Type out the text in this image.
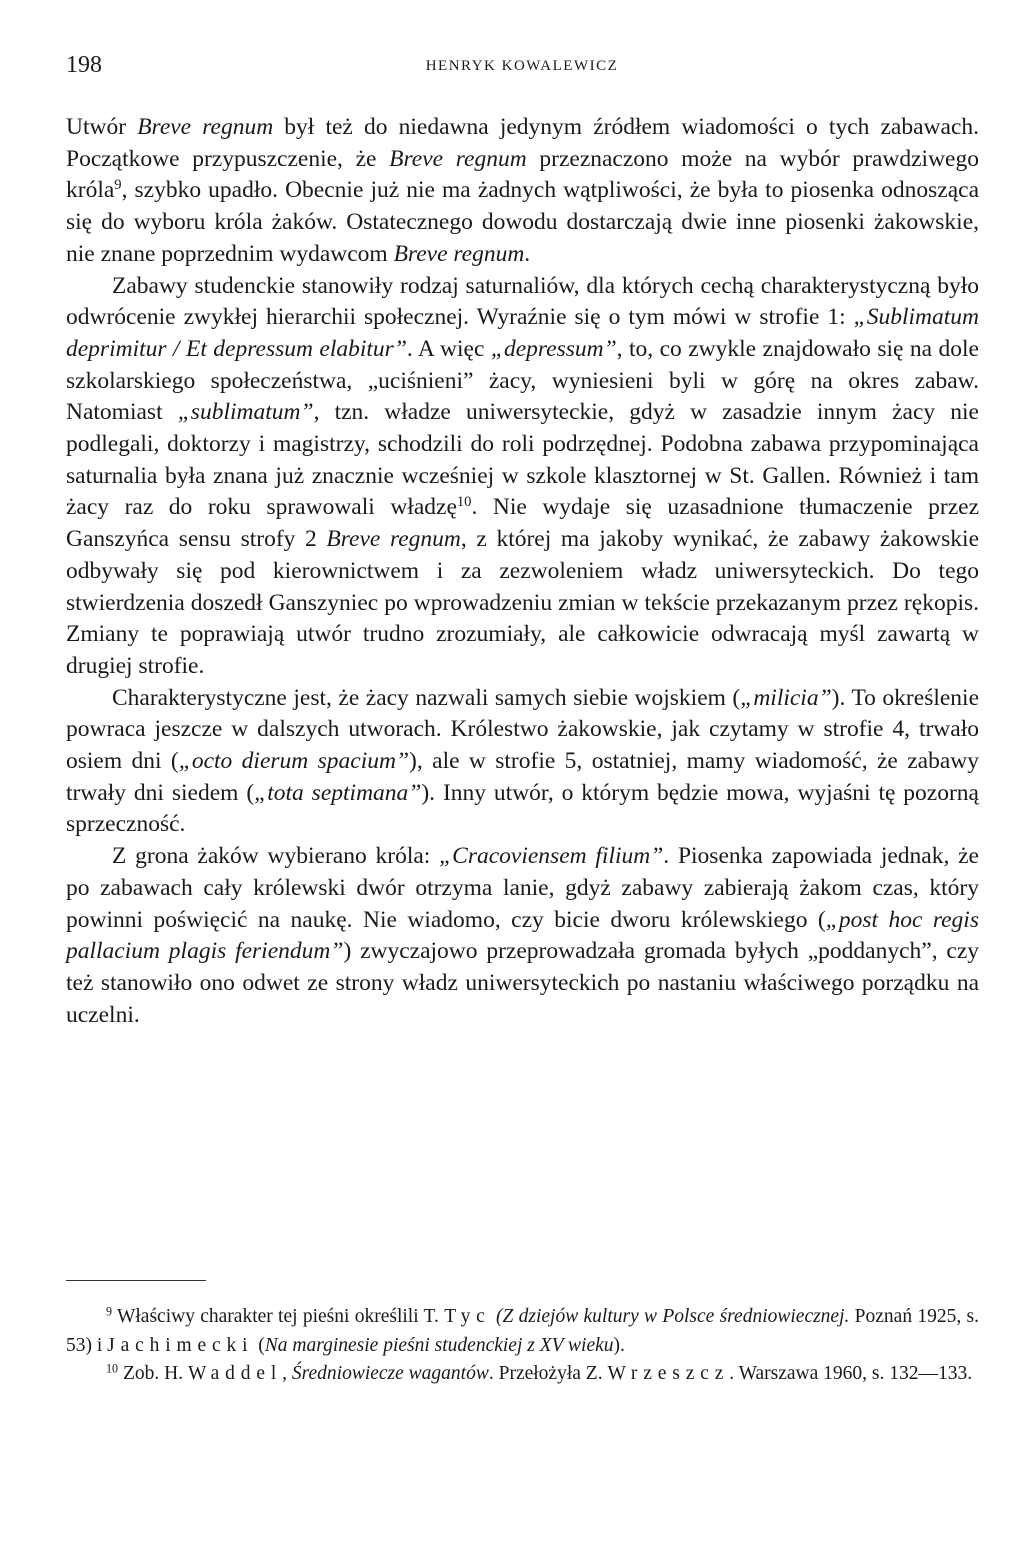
198	HENRYK KOWALEWICZ

Utwór Breve regnum był też do niedawna jedynym źródłem wiadomości o tych zabawach. Początkowe przypuszczenie, że Breve regnum przeznaczono może na wybór prawdziwego króla$^9$, szybko upadło. Obecnie już nie ma żadnych wątpliwości, że była to piosenka odnosząca się do wyboru króla żaków. Ostatecznego dowodu dostarczają dwie inne piosenki żakowskie, nie znane poprzednim wydawcom Breve regnum.

Zabawy studenckie stanowiły rodzaj saturnaliów, dla których cechą charakterystyczną było odwrócenie zwykłej hierarchii społecznej. Wyraźnie się o tym mówi w strofie 1: „Sublimatum deprimitur / Et depressum elabitur”. A więc „depressum”, to, co zwykle znajdowało się na dole szkolarskiego społeczeństwa, „uciśnieni” żacy, wyniesieni byli w górę na okres zabaw. Natomiast „sublimatum”, tzn. władze uniwersyteckie, gdyż w zasadzie innym żacy nie podlegali, doktorzy i magistrzy, schodzili do roli podrzędnej. Podobna zabawa przypominająca saturnalia była znana już znacznie wcześniej w szkole klasztornej w St. Gallen. Również i tam żacy raz do roku sprawowali władzę$^{10}$. Nie wydaje się uzasadnione tłumaczenie przez Ganszyńca sensu strofy 2 Breve regnum, z której ma jakoby wynikać, że zabawy żakowskie odbywały się pod kierownictwem i za zezwoleniem władz uniwersyteckich. Do tego stwierdzenia doszedł Ganszyniec po wprowadzeniu zmian w tekście przekazanym przez rękopis. Zmiany te poprawiają utwór trudno zrozumiały, ale całkowicie odwracają myśl zawartą w drugiej strofie.

Charakterystyczne jest, że żacy nazwali samych siebie wojskiem („milicia”). To określenie powraca jeszcze w dalszych utworach. Królestwo żakowskie, jak czytamy w strofie 4, trwało osiem dni („octo dierum spacium”), ale w strofie 5, ostatniej, mamy wiadomość, że zabawy trwały dni siedem („tota septimana”). Inny utwór, o którym będzie mowa, wyjaśni tę pozorną sprzeczność.

Z grona żaków wybierano króla: „Cracoviensem filium”. Piosenka zapowiada jednak, że po zabawach cały królewski dwór otrzyma lanie, gdyż zabawy zabierają żakom czas, który powinni poświęcić na naukę. Nie wiadomo, czy bicie dworu królewskiego („post hoc regis pallacium plagis feriendum”) zwyczajowo przeprowadzała gromada byłych „poddanych”, czy też stanowiło ono odwet ze strony władz uniwersyteckich po nastaniu właściwego porządku na uczelni.

$^9$ Właściwy charakter tej pieśni określili T. Tyc (Z dziejów kultury w Polsce średniowiecznej. Poznań 1925, s. 53) i Jachimecki (Na marginesie pieśni studenckiej z XV wieku).

$^{10}$ Zob. H. Waddel, Średniowiecze wagantów. Przełożyła Z. Wrzeszcz. Warszawa 1960, s. 132—133.
